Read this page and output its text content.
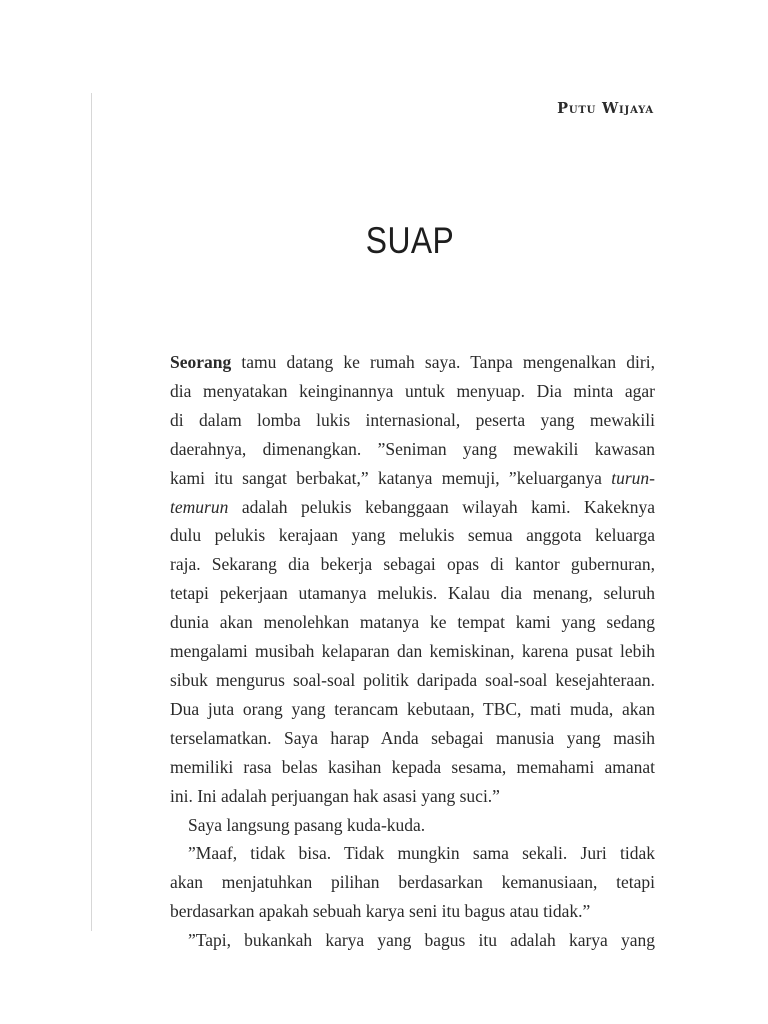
Putu Wijaya
SUAP
Seorang tamu datang ke rumah saya. Tanpa mengenalkan diri,
dia menyatakan keinginannya untuk menyuap. Dia minta agar
di dalam lomba lukis internasional, peserta yang mewakili
daerahnya, dimenangkan. ”Seniman yang mewakili kawasan
kami itu sangat berbakat,” katanya memuji, ”keluarganya turun-
temurun adalah pelukis kebanggaan wilayah kami. Kakeknya
dulu pelukis kerajaan yang melukis semua anggota keluarga
raja. Sekarang dia bekerja sebagai opas di kantor gubernuran,
tetapi pekerjaan utamanya melukis. Kalau dia menang, seluruh
dunia akan menolehkan matanya ke tempat kami yang sedang
mengalami musibah kelaparan dan kemiskinan, karena pusat lebih
sibuk mengurus soal-soal politik daripada soal-soal kesejahteraan.
Dua juta orang yang terancam kebutaan, TBC, mati muda, akan
terselamatkan. Saya harap Anda sebagai manusia yang masih
memiliki rasa belas kasihan kepada sesama, memahami amanat
ini. Ini adalah perjuangan hak asasi yang suci.”
Saya langsung pasang kuda-kuda.
”Maaf, tidak bisa. Tidak mungkin sama sekali. Juri tidak
akan menjatuhkan pilihan berdasarkan kemanusiaan, tetapi
berdasarkan apakah sebuah karya seni itu bagus atau tidak.”
”Tapi, bukankah karya yang bagus itu adalah karya yang
